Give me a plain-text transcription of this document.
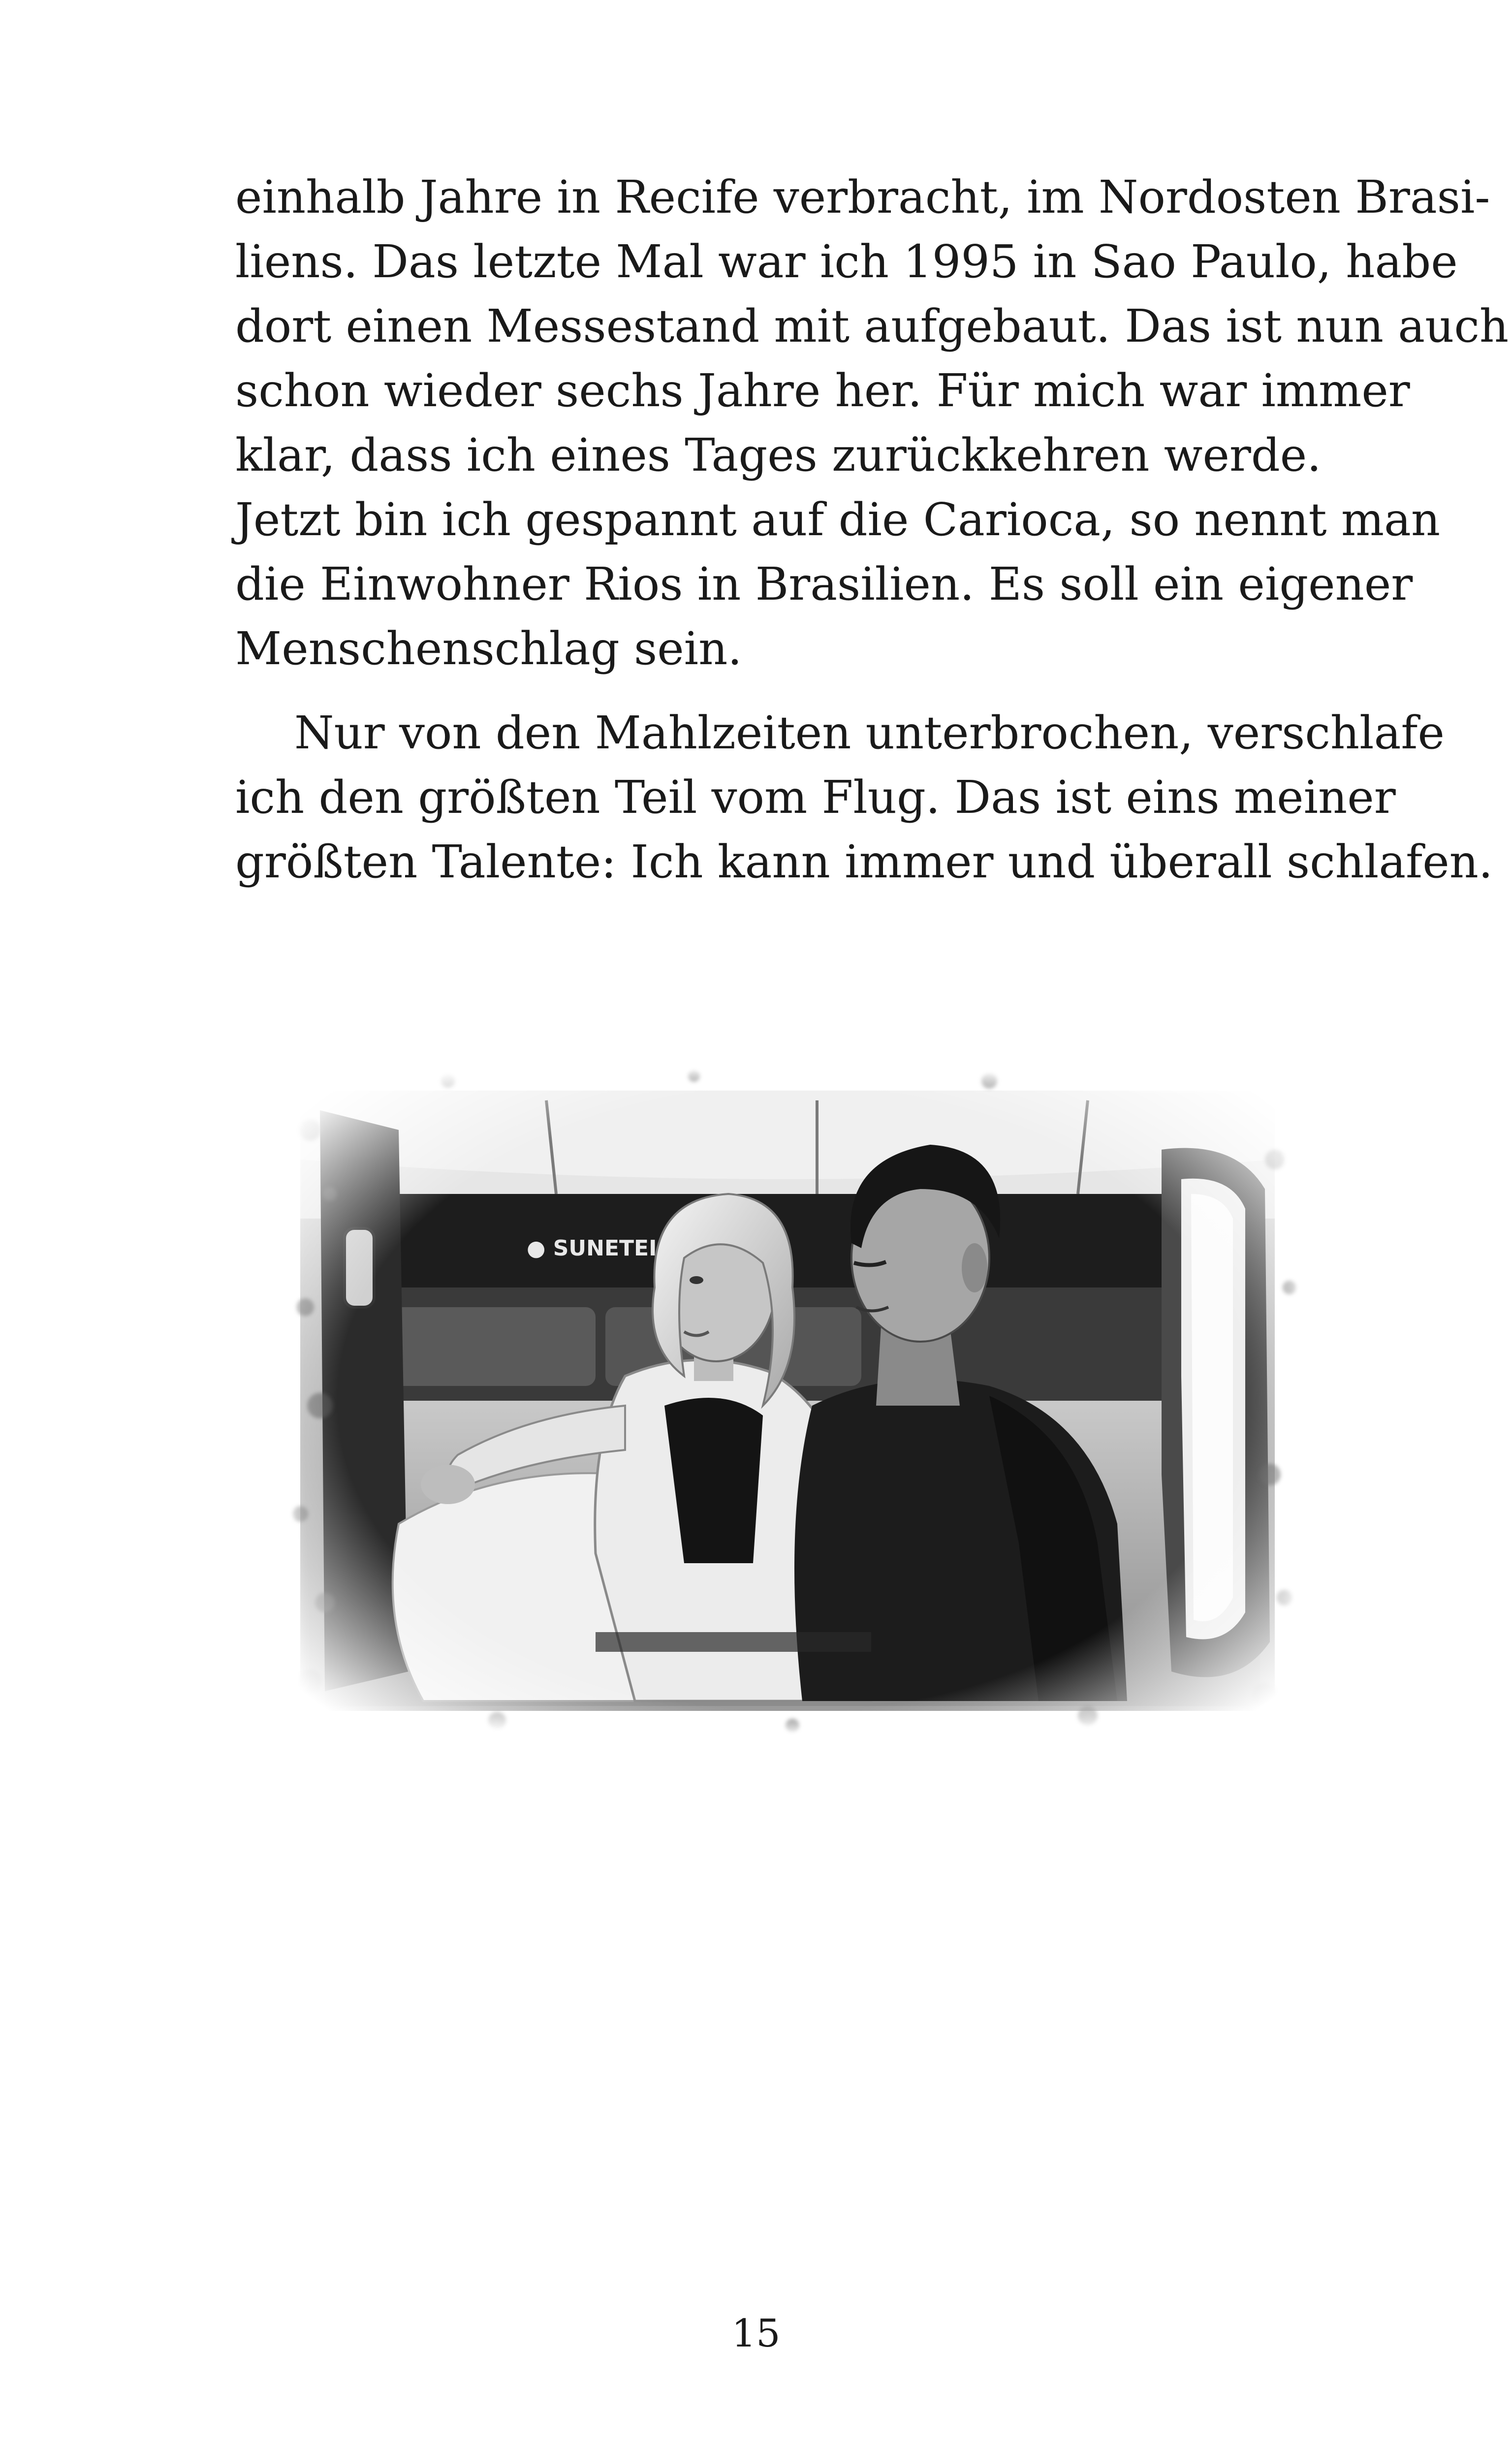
einhalb Jahre in Recife verbracht, im Nordosten Brasi-
liens. Das letzte Mal war ich 1995 in Sao Paulo, habe
dort einen Messestand mit aufgebaut. Das ist nun auch
schon wieder sechs Jahre her. Für mich war immer
klar, dass ich eines Tages zurückkehren werde.
Jetzt bin ich gespannt auf die Carioca, so nennt man
die Einwohner Rios in Brasilien. Es soll ein eigener
Menschenschlag sein.
Nur von den Mahlzeiten unterbrochen, verschlafe
ich den größten Teil vom Flug. Das ist eins meiner
größten Talente: Ich kann immer und überall schlafen.
15
